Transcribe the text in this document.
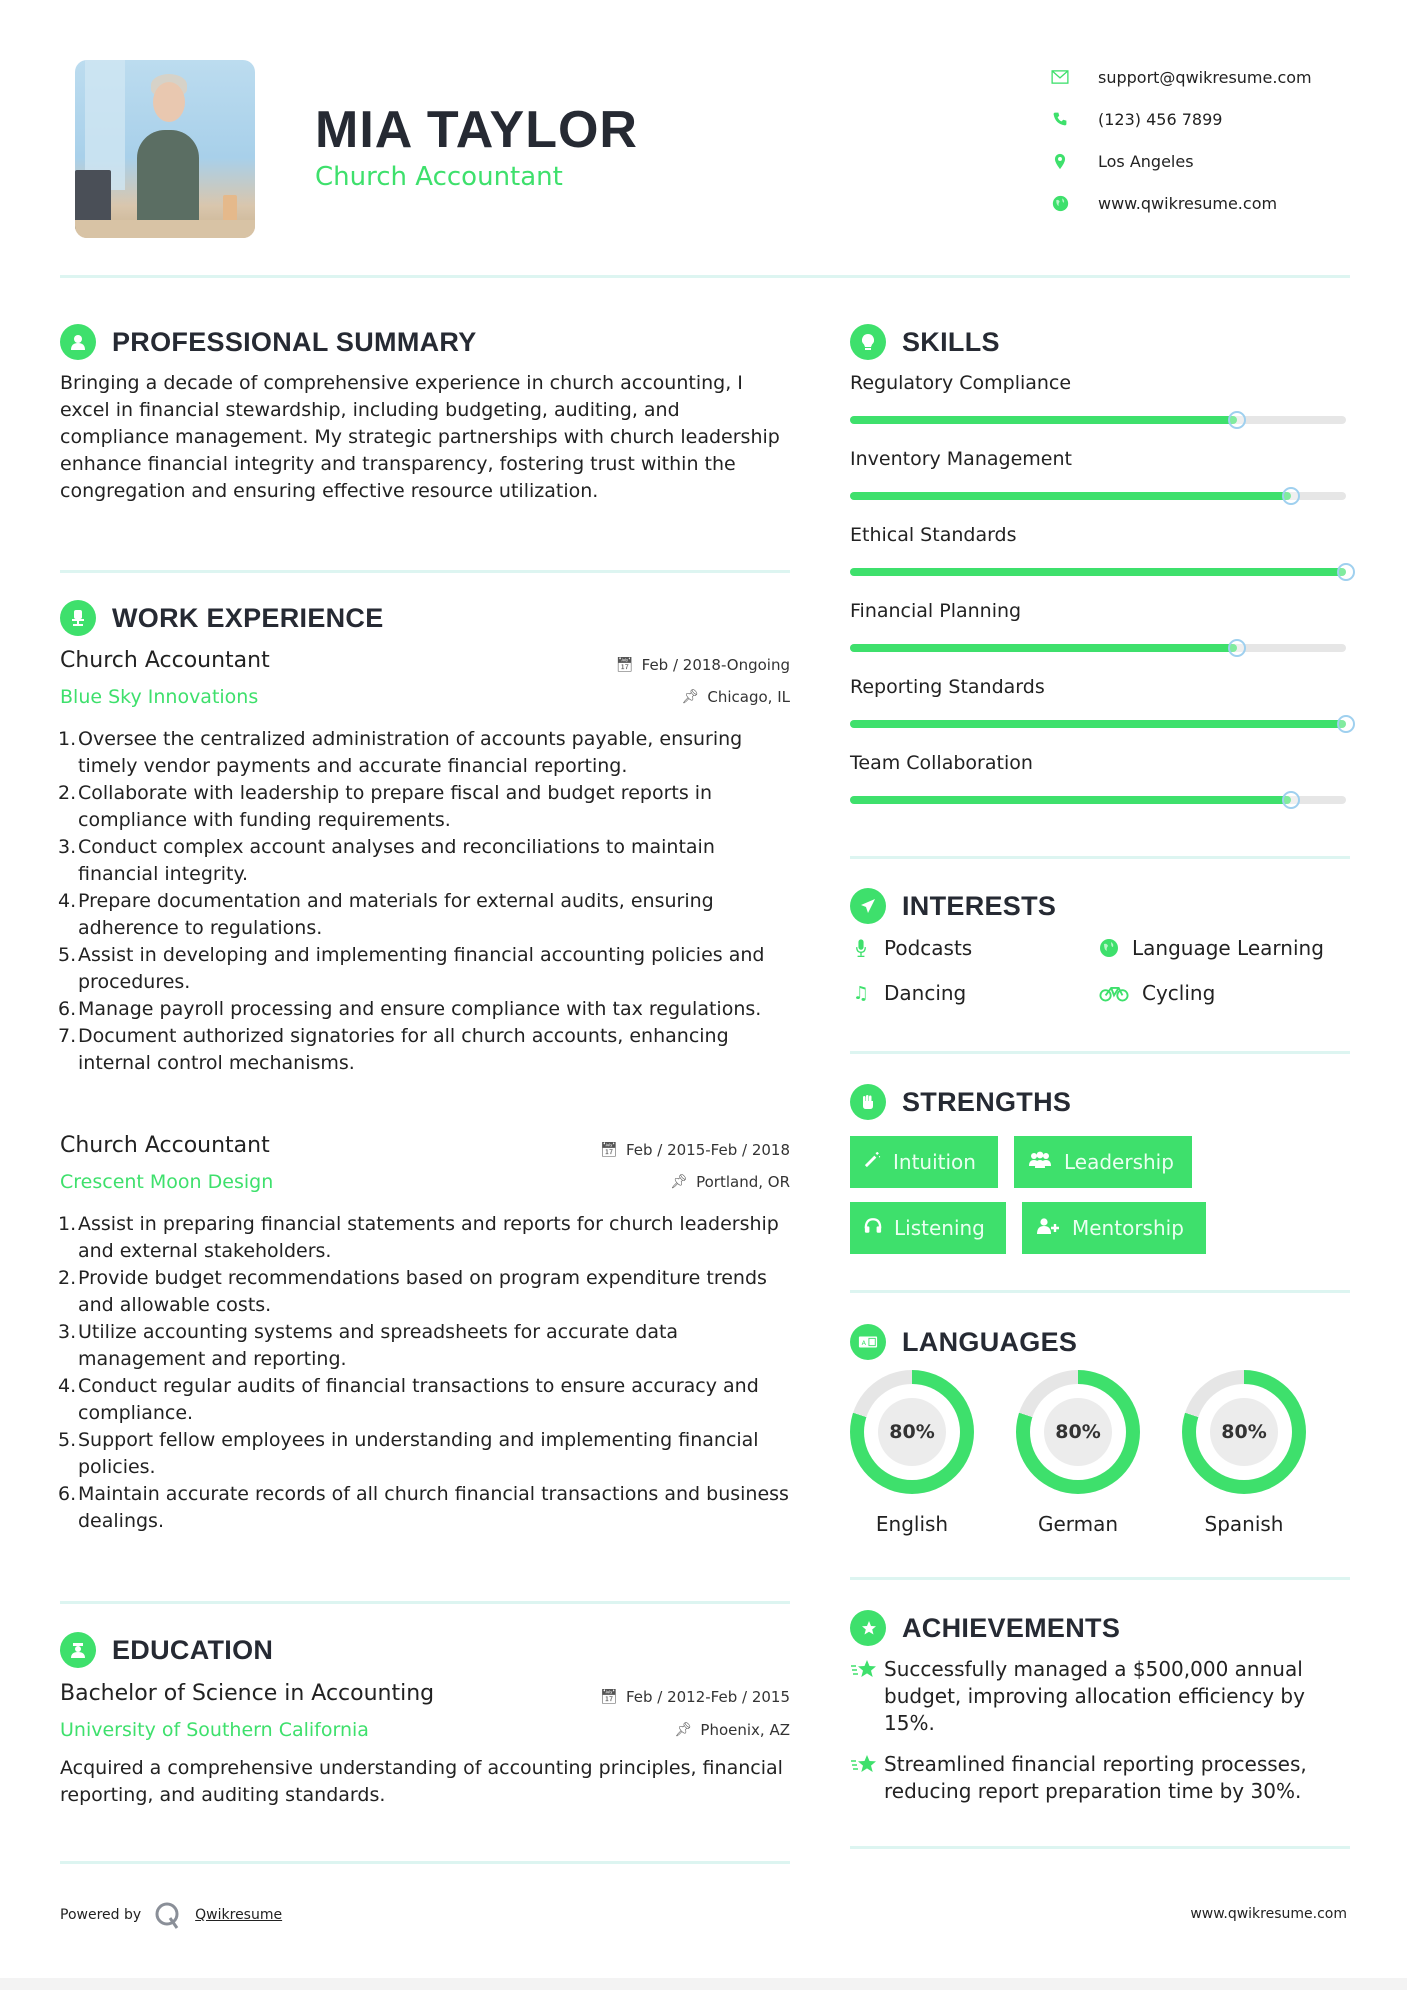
MIA TAYLOR
Church Accountant
support@qwikresume.com
(123) 456 7899
Los Angeles
www.qwikresume.com
PROFESSIONAL SUMMARY
Bringing a decade of comprehensive experience in church accounting, I excel in financial stewardship, including budgeting, auditing, and compliance management. My strategic partnerships with church leadership enhance financial integrity and transparency, fostering trust within the congregation and ensuring effective resource utilization.
WORK EXPERIENCE
Church Accountant	📅︎ Feb / 2018-Ongoing
Blue Sky Innovations	📌︎ Chicago, IL
Oversee the centralized administration of accounts payable, ensuring timely vendor payments and accurate financial reporting.
Collaborate with leadership to prepare fiscal and budget reports in compliance with funding requirements.
Conduct complex account analyses and reconciliations to maintain financial integrity.
Prepare documentation and materials for external audits, ensuring adherence to regulations.
Assist in developing and implementing financial accounting policies and procedures.
Manage payroll processing and ensure compliance with tax regulations.
Document authorized signatories for all church accounts, enhancing internal control mechanisms.
Church Accountant	📅︎ Feb / 2015-Feb / 2018
Crescent Moon Design	📌︎ Portland, OR
Assist in preparing financial statements and reports for church leadership and external stakeholders.
Provide budget recommendations based on program expenditure trends and allowable costs.
Utilize accounting systems and spreadsheets for accurate data management and reporting.
Conduct regular audits of financial transactions to ensure accuracy and compliance.
Support fellow employees in understanding and implementing financial policies.
Maintain accurate records of all church financial transactions and business dealings.
EDUCATION
Bachelor of Science in Accounting	📅︎ Feb / 2012-Feb / 2015
University of Southern California	📌︎ Phoenix, AZ
Acquired a comprehensive understanding of accounting principles, financial reporting, and auditing standards.
SKILLS
Regulatory Compliance
Inventory Management
Ethical Standards
Financial Planning
Reporting Standards
Team Collaboration
INTERESTS
Podcasts	Language Learning
♫ Dancing	Cycling
STRENGTHS
Intuition	Leadership
Listening	Mentorship
A LANGUAGES
80%
English
80%
German
80%
Spanish
ACHIEVEMENTS
Successfully managed a $500,000 annual budget, improving allocation efficiency by 15%.
Streamlined financial reporting processes, reducing report preparation time by 30%.
Powered by	Qwikresume	www.qwikresume.com
